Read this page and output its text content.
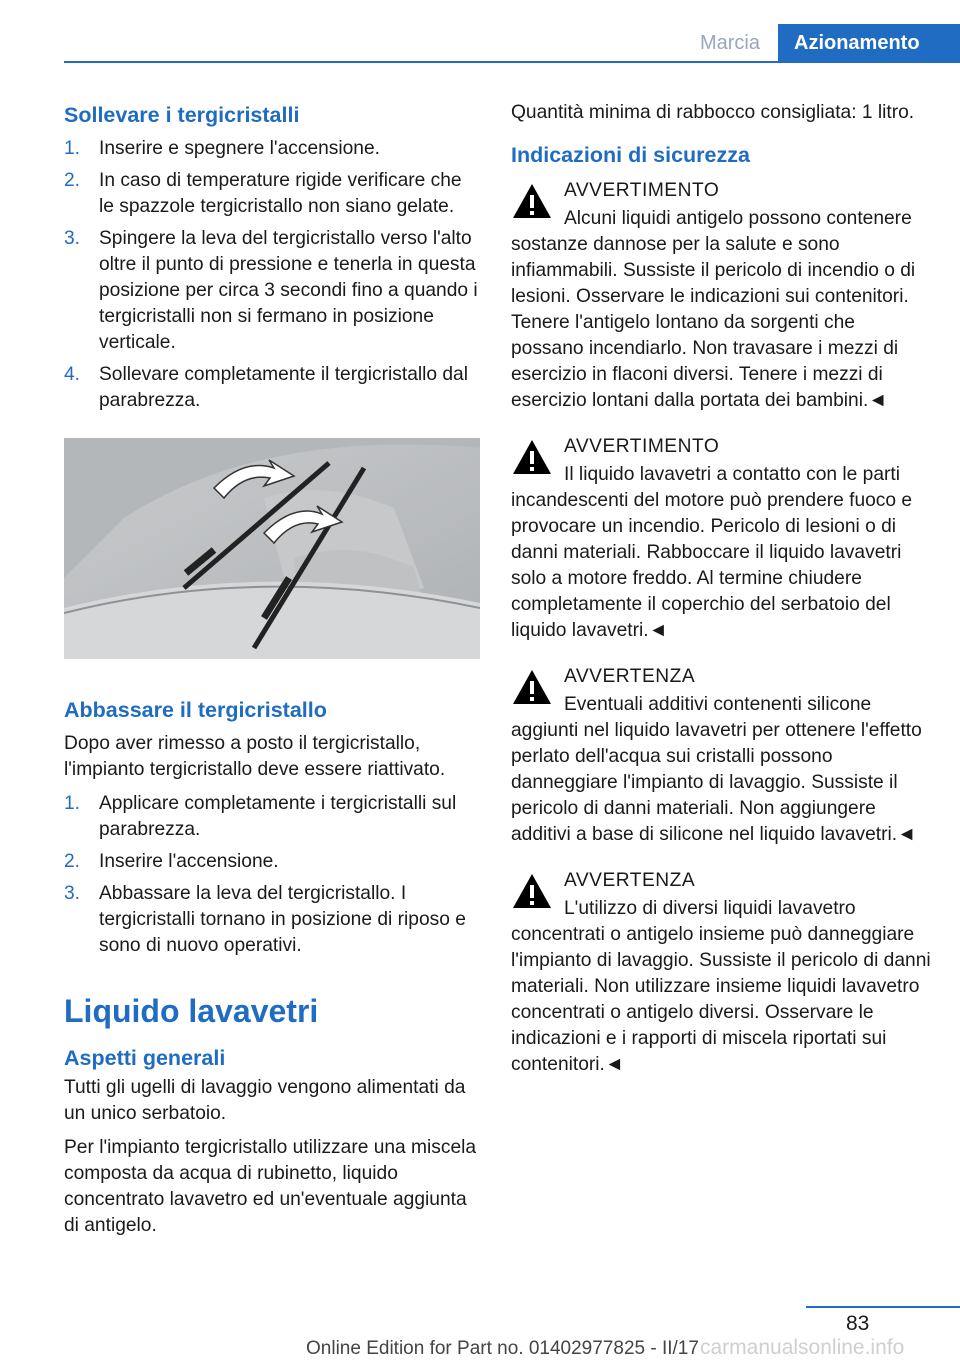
Marcia	Azionamento
Sollevare i tergicristalli
1. Inserire e spegnere l'accensione.
2. In caso di temperature rigide verificare che le spazzole tergicristallo non siano gelate.
3. Spingere la leva del tergicristallo verso l'alto oltre il punto di pressione e tenerla in questa posizione per circa 3 secondi fino a quando i tergicristalli non si fermano in posizione verticale.
4. Sollevare completamente il tergicristallo dal parabrezza.
Abbassare il tergicristallo

Dopo aver rimesso a posto il tergicristallo, l'impianto tergicristallo deve essere riattivato.

1. Applicare completamente i tergicristalli sul parabrezza.
2. Inserire l'accensione.
3. Abbassare la leva del tergicristallo. I tergicristalli tornano in posizione di riposo e sono di nuovo operativi.
Liquido lavavetri
Aspetti generali

Tutti gli ugelli di lavaggio vengono alimentati da un unico serbatoio.

Per l'impianto tergicristallo utilizzare una miscela composta da acqua di rubinetto, liquido concentrato lavavetro ed un'eventuale aggiunta di antigelo.

Quantità minima di rabbocco consigliata: 1 litro.

Indicazioni di sicurezza
AVVERTIMENTO

Alcuni liquidi antigelo possono contenere sostanze dannose per la salute e sono infiammabili. Sussiste il pericolo di incendio o di lesioni. Osservare le indicazioni sui contenitori. Tenere l'antigelo lontano da sorgenti che possano incendiarlo. Non travasare i mezzi di esercizio in flaconi diversi. Tenere i mezzi di esercizio lontani dalla portata dei bambini.◄

AVVERTIMENTO

Il liquido lavavetri a contatto con le parti incandescenti del motore può prendere fuoco e provocare un incendio. Pericolo di lesioni o di danni materiali. Rabboccare il liquido lavavetri solo a motore freddo. Al termine chiudere completamente il coperchio del serbatoio del liquido lavavetri.◄

AVVERTENZA

Eventuali additivi contenenti silicone aggiunti nel liquido lavavetri per ottenere l'effetto perlato dell'acqua sui cristalli possono danneggiare l'impianto di lavaggio. Sussiste il pericolo di danni materiali. Non aggiungere additivi a base di silicone nel liquido lavavetri.◄

AVVERTENZA

L'utilizzo di diversi liquidi lavavetro concentrati o antigelo insieme può danneggiare l'impianto di lavaggio. Sussiste il pericolo di danni materiali. Non utilizzare insieme liquidi lavavetro concentrati o antigelo diversi. Osservare le indicazioni e i rapporti di miscela riportati sui contenitori.◄

83
Online Edition for Part no. 01402977825 - II/17 carmanualsonline.info
